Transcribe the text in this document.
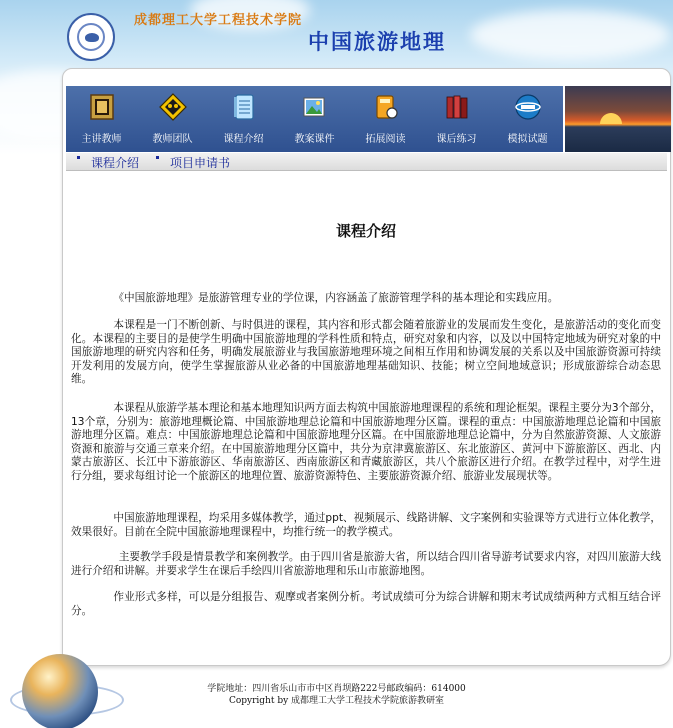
成都理工大学工程技术学院
中国旅游地理
主讲教师	教师团队	课程介绍	教案课件	拓展阅读	课后练习	模拟试题
课程介绍	项目申请书
课程介绍

《中国旅游地理》是旅游管理专业的学位课，内容涵盖了旅游管理学科的基本理论和实践应用。

本课程是一门不断创新、与时俱进的课程，其内容和形式都会随着旅游业的发展而发生变化，是旅游活动的变化而变化。本课程的主要目的是使学生明确中国旅游地理的学科性质和特点，研究对象和内容，以及以中国特定地域为研究对象的中国旅游地理的研究内容和任务，明确发展旅游业与我国旅游地理环境之间相互作用和协调发展的关系以及中国旅游资源可持续开发利用的发展方向，使学生掌握旅游从业必备的中国旅游地理基础知识、技能；树立空间地域意识；形成旅游综合动态思维。

本课程从旅游学基本理论和基本地理知识两方面去构筑中国旅游地理课程的系统和理论框架。课程主要分为3个部分，13个章，分别为：旅游地理概论篇、中国旅游地理总论篇和中国旅游地理分区篇。课程的重点：中国旅游地理总论篇和中国旅游地理分区篇。难点：中国旅游地理总论篇和中国旅游地理分区篇。在中国旅游地理总论篇中，分为自然旅游资源、人文旅游资源和旅游与交通三章来介绍。在中国旅游地理分区篇中，共分为京津冀旅游区、东北旅游区、黄河中下游旅游区、西北、内蒙古旅游区、长江中下游旅游区、华南旅游区、西南旅游区和青藏旅游区，共八个旅游区进行介绍。在教学过程中，对学生进行分组，要求每组讨论一个旅游区的地理位置、旅游资源特色、主要旅游资源介绍、旅游业发展现状等。

中国旅游地理课程，均采用多媒体教学，通过ppt、视频展示、线路讲解、文字案例和实验课等方式进行立体化教学，效果很好。目前在全院中国旅游地理课程中，均推行统一的教学模式。

主要教学手段是情景教学和案例教学。由于四川省是旅游大省，所以结合四川省导游考试要求内容，对四川旅游大线进行介绍和讲解。并要求学生在课后手绘四川省旅游地理和乐山市旅游地图。

作业形式多样，可以是分组报告、观摩或者案例分析。考试成绩可分为综合讲解和期末考试成绩两种方式相互结合评分。

学院地址：四川省乐山市市中区肖坝路222号邮政编码：614000
Copyright by 成都理工大学工程技术学院旅游教研室
